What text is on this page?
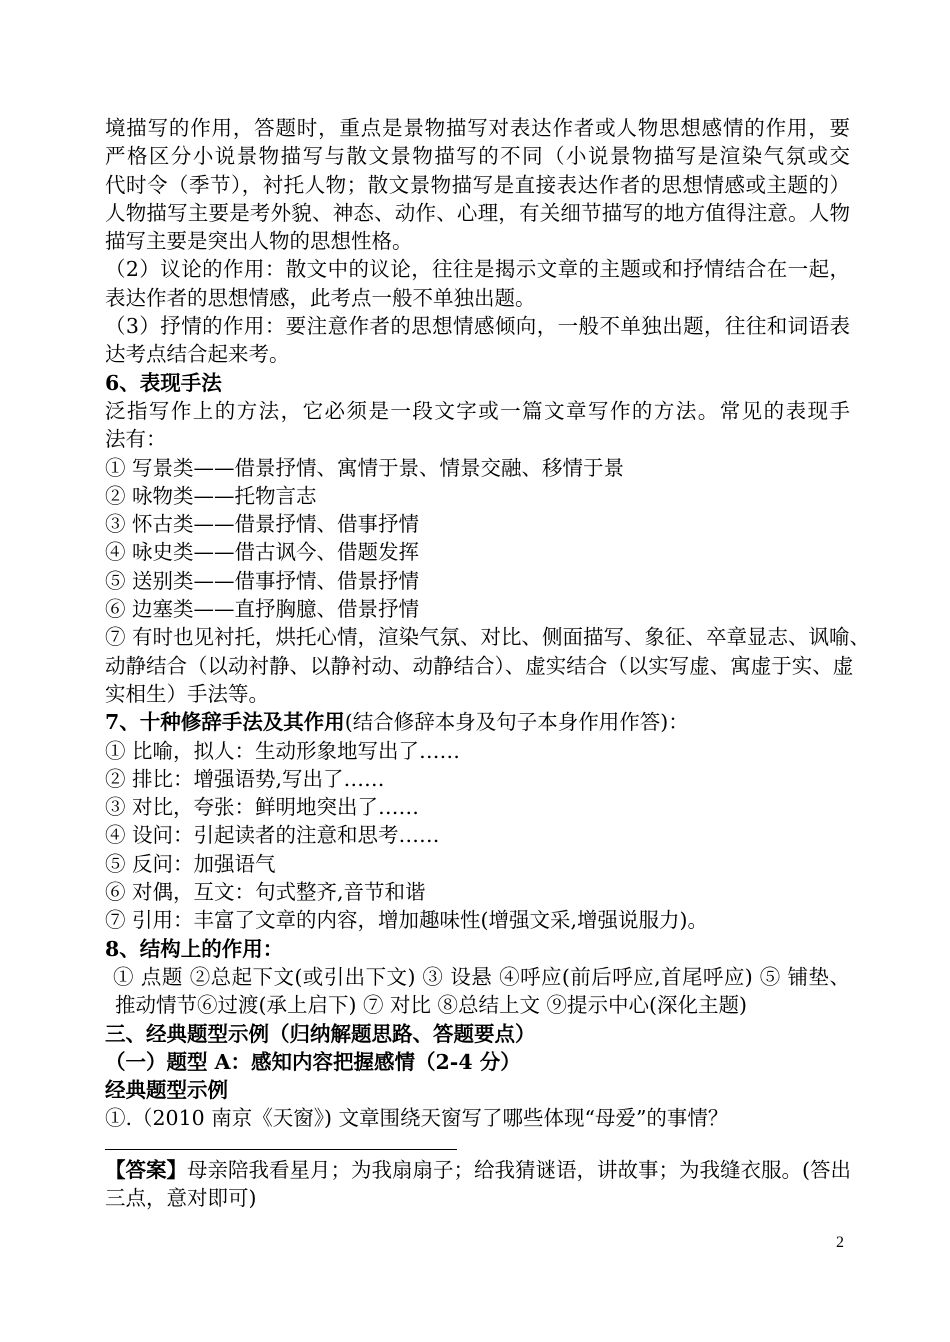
境描写的作用，答题时，重点是景物描写对表达作者或人物思想感情的作用，要
严格区分小说景物描写与散文景物描写的不同（小说景物描写是渲染气氛或交
代时令（季节），衬托人物；散文景物描写是直接表达作者的思想情感或主题的）
人物描写主要是考外貌、神态、动作、心理，有关细节描写的地方值得注意。人物
描写主要是突出人物的思想性格。
（2）议论的作用：散文中的议论，往往是揭示文章的主题或和抒情结合在一起，
表达作者的思想情感，此考点一般不单独出题。
（3）抒情的作用：要注意作者的思想情感倾向，一般不单独出题，往往和词语表
达考点结合起来考。
6、表现手法
泛指写作上的方法，它必须是一段文字或一篇文章写作的方法。常见的表现手
法有：
① 写景类——借景抒情、寓情于景、情景交融、移情于景
② 咏物类——托物言志
③ 怀古类——借景抒情、借事抒情
④ 咏史类——借古讽今、借题发挥
⑤ 送别类——借事抒情、借景抒情
⑥ 边塞类——直抒胸臆、借景抒情
⑦ 有时也见衬托，烘托心情，渲染气氛、对比、侧面描写、象征、卒章显志、讽喻、
动静结合（以动衬静、以静衬动、动静结合）、虚实结合（以实写虚、寓虚于实、虚
实相生）手法等。
7、十种修辞手法及其作用(结合修辞本身及句子本身作用作答)：
① 比喻，拟人：生动形象地写出了……
② 排比：增强语势,写出了……
③ 对比，夸张：鲜明地突出了……
④ 设问：引起读者的注意和思考……
⑤ 反问：加强语气
⑥ 对偶，互文：句式整齐,音节和谐
⑦ 引用：丰富了文章的内容，增加趣味性(增强文采,增强说服力)。
8、结构上的作用：
① 点题 ②总起下文(或引出下文) ③ 设悬 ④呼应(前后呼应,首尾呼应) ⑤ 铺垫、
推动情节⑥过渡(承上启下) ⑦ 对比 ⑧总结上文 ⑨提示中心(深化主题)
三、经典题型示例（归纳解题思路、答题要点）
（一）题型 A：感知内容把握感情（2-4 分）
经典题型示例
①.（2010 南京《天窗》) 文章围绕天窗写了哪些体现“母爱”的事情？
【答案】母亲陪我看星月；为我扇扇子；给我猜谜语，讲故事；为我缝衣服。(答出
三点，意对即可)
2
